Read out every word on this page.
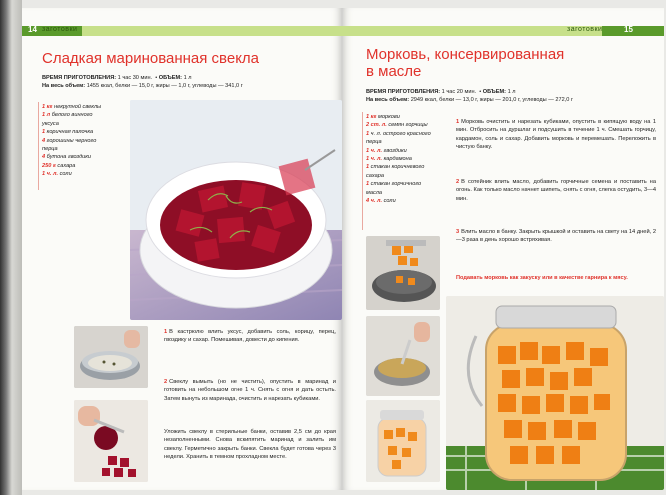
14 заготовки
Сладкая маринованная свекла
ВРЕМЯ ПРИГОТОВЛЕНИЯ: 1 час 30 мин.  • ОБЪЕМ: 1 л
На весь объем: 1455 ккал, белки — 15,0 г, жиры — 1,0 г, углеводы — 341,0 г
1 кг некрупной свеклы
1 л белого винного уксуса
1 коричная палочка
4 горошины черного перца
4 бутона гвоздики
250 г сахара
1 ч. л. соли
1 В кастрюлю влить уксус, добавить соль, корицу, перец, гвоздику и сахар. Помешивая, довести до кипения.
2 Свеклу вымыть (но не чистить), опустить в маринад и готовить на небольшом огне 1 ч. Снять с огня и дать остыть. Затем вынуть из маринада, очистить и нарезать кубиками.
Уложить свеклу в стерильные банки, оставив 2,5 см до края незаполненными. Снова вскипятить маринад и залить им свеклу. Герметично закрыть банки. Свекла будет готова через 3 недели. Хранить в темном прохладном месте.
заготовки	15
Морковь, консервированная
в масле
ВРЕМЯ ПРИГОТОВЛЕНИЯ: 1 час 20 мин.  • ОБЪЕМ: 1 л
На весь объем: 2949 ккал, белки — 13,0 г, жиры — 201,0 г, углеводы — 272,0 г
1 кг моркови
2 ст. л. семян горчицы
1 ч. л. острого красного перца
1 ч. л. гвоздики
1 ч. л. кардамона
1 стакан коричневого сахара
1 стакан горчичного масла
4 ч. л. соли
1 Морковь очистить и нарезать кубиками, опустить в кипящую воду на 1 мин. Отбросить на дуршлаг и подсушить в течение 1 ч. Смешать горчицу, кардамон, соль и сахар. Добавить морковь и перемешать. Переложить в чистую банку.
2 В сотейник влить масло, добавить горчичные семена и поставить на огонь. Как только масло начнет шипеть, снять с огня, слегка остудить, 3—4 мин.
3 Влить масло в банку. Закрыть крышкой и оставить на свету на 14 дней, 2—3 раза в день хорошо встряхивая.
Подавать морковь как закуску или в качестве гарнира к мясу.
